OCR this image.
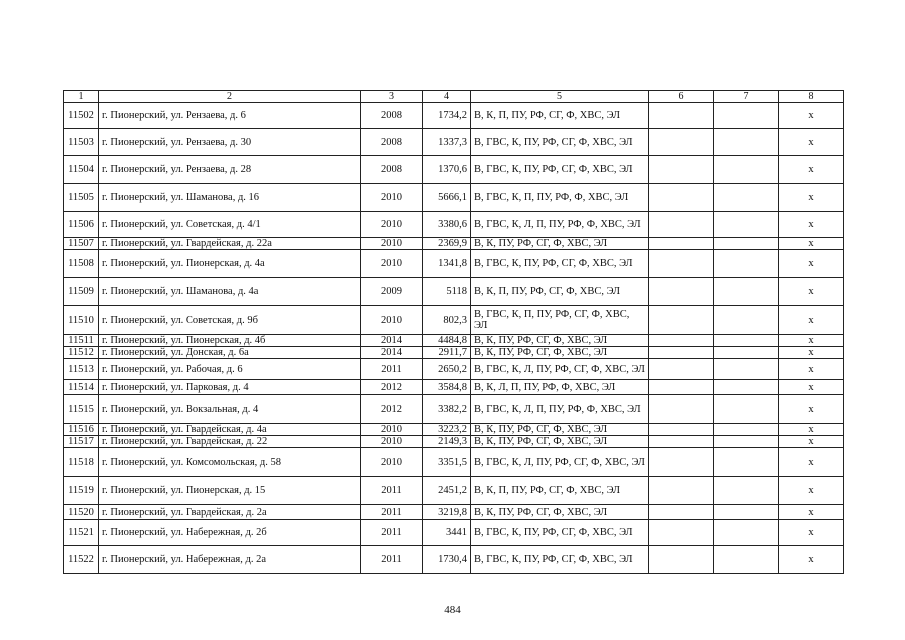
1	2	3	4	5	6	7	8
11502	г. Пионерский, ул. Рензаева, д. 6	2008	1734,2	В, К, П, ПУ, РФ, СГ, Ф, ХВС, ЭЛ			x
11503	г. Пионерский, ул. Рензаева, д. 30	2008	1337,3	В, ГВС, К, ПУ, РФ, СГ, Ф, ХВС, ЭЛ			x
11504	г. Пионерский, ул. Рензаева, д. 28	2008	1370,6	В, ГВС, К, ПУ, РФ, СГ, Ф, ХВС, ЭЛ			x
11505	г. Пионерский, ул. Шаманова, д. 16	2010	5666,1	В, ГВС, К, П, ПУ, РФ, Ф, ХВС, ЭЛ			x
11506	г. Пионерский, ул. Советская, д. 4/1	2010	3380,6	В, ГВС, К, Л, П, ПУ, РФ, Ф, ХВС, ЭЛ			x
11507	г. Пионерский, ул. Гвардейская, д. 22а	2010	2369,9	В, К, ПУ, РФ, СГ, Ф, ХВС, ЭЛ			x
11508	г. Пионерский, ул. Пионерская, д. 4а	2010	1341,8	В, ГВС, К, ПУ, РФ, СГ, Ф, ХВС, ЭЛ			x
11509	г. Пионерский, ул. Шаманова, д. 4а	2009	5118	В, К, П, ПУ, РФ, СГ, Ф, ХВС, ЭЛ			x
11510	г. Пионерский, ул. Советская, д. 9б	2010	802,3	В, ГВС, К, П, ПУ, РФ, СГ, Ф, ХВС, ЭЛ			x
11511	г. Пионерский, ул. Пионерская, д. 4б	2014	4484,8	В, К, ПУ, РФ, СГ, Ф, ХВС, ЭЛ			x
11512	г. Пионерский, ул. Донская, д. 6а	2014	2911,7	В, К, ПУ, РФ, СГ, Ф, ХВС, ЭЛ			x
11513	г. Пионерский, ул. Рабочая, д. 6	2011	2650,2	В, ГВС, К, Л, ПУ, РФ, СГ, Ф, ХВС, ЭЛ			x
11514	г. Пионерский, ул. Парковая, д. 4	2012	3584,8	В, К, Л, П, ПУ, РФ, Ф, ХВС, ЭЛ			x
11515	г. Пионерский, ул. Вокзальная, д. 4	2012	3382,2	В, ГВС, К, Л, П, ПУ, РФ, Ф, ХВС, ЭЛ			x
11516	г. Пионерский, ул. Гвардейская, д. 4а	2010	3223,2	В, К, ПУ, РФ, СГ, Ф, ХВС, ЭЛ			x
11517	г. Пионерский, ул. Гвардейская, д. 22	2010	2149,3	В, К, ПУ, РФ, СГ, Ф, ХВС, ЭЛ			x
11518	г. Пионерский, ул. Комсомольская, д. 58	2010	3351,5	В, ГВС, К, Л, ПУ, РФ, СГ, Ф, ХВС, ЭЛ			x
11519	г. Пионерский, ул. Пионерская, д. 15	2011	2451,2	В, К, П, ПУ, РФ, СГ, Ф, ХВС, ЭЛ			x
11520	г. Пионерский, ул. Гвардейская, д. 2а	2011	3219,8	В, К, ПУ, РФ, СГ, Ф, ХВС, ЭЛ			x
11521	г. Пионерский, ул. Набережная, д. 2б	2011	3441	В, ГВС, К, ПУ, РФ, СГ, Ф, ХВС, ЭЛ			x
11522	г. Пионерский, ул. Набережная, д. 2а	2011	1730,4	В, ГВС, К, ПУ, РФ, СГ, Ф, ХВС, ЭЛ			x
484
